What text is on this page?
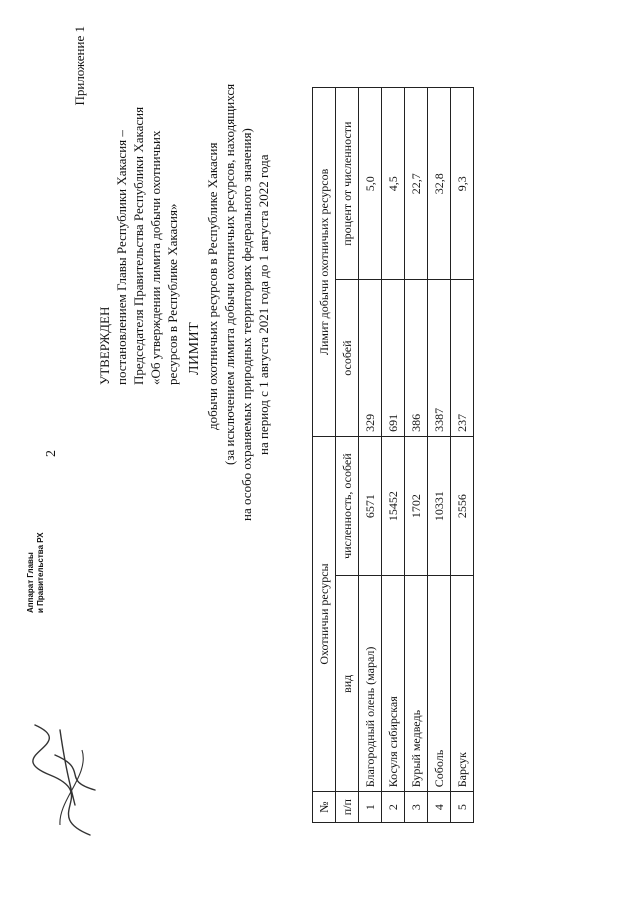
2
Приложение 1
УТВЕРЖДЕН постановлением Главы Республики Хакасия – Председателя Правительства Республики Хакасия «Об утверждении лимита добычи охотничьих ресурсов в Республике Хакасия» ЛИМИТ добычи охотничьих ресурсов в Республике Хакасия (за исключением лимита добычи охотничьих ресурсов, находящихся на особо охраняемых природных территориях федерального значения) на период с 1 августа 2021 года до 1 августа 2022 года
№	Охотничьи ресурсы		Лимит добычи охотничьих ресурсов	
п/п	вид	численность, особей	особей	процент от численности
1	Благородный олень (марал)	6571	329	5,0
2	Косуля сибирская	15452	691	4,5
3	Бурый медведь	1702	386	22,7
4	Соболь	10331	3387	32,8
5	Барсук	2556	237	9,3
Аппарат Главы и Правительства РХ
